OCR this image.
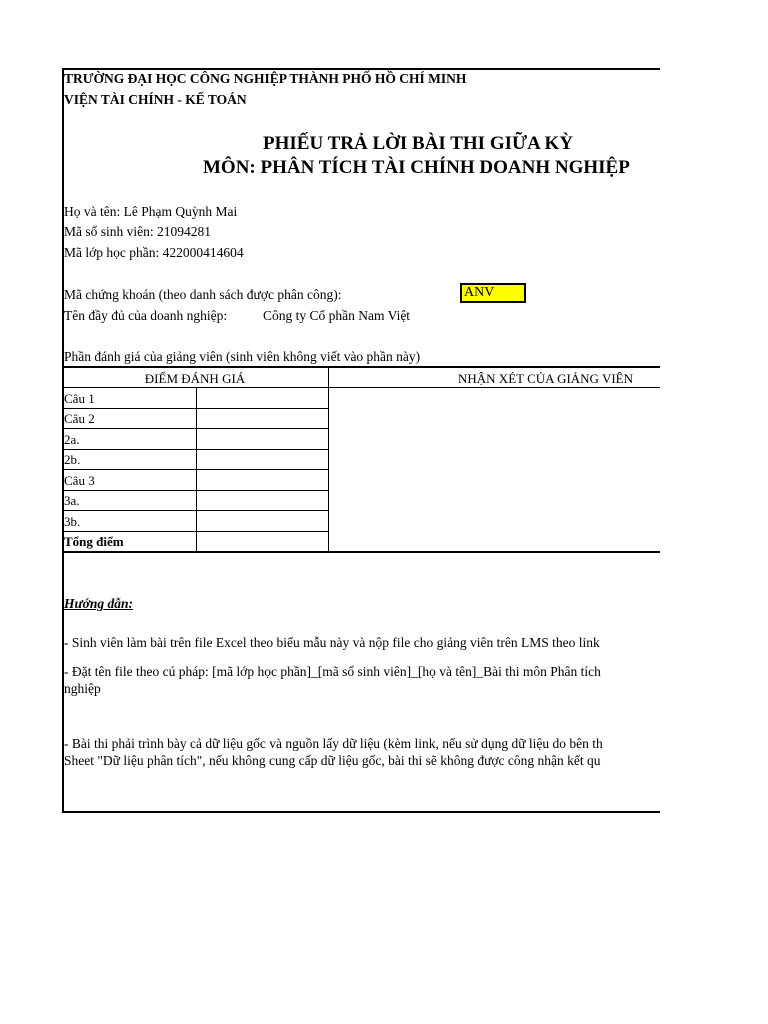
TRƯỜNG ĐẠI HỌC CÔNG NGHIỆP THÀNH PHỐ HỒ CHÍ MINH
VIỆN TÀI CHÍNH - KẾ TOÁN
PHIẾU TRẢ LỜI BÀI THI GIỮA KỲ
MÔN: PHÂN TÍCH TÀI CHÍNH DOANH NGHIỆP
Họ và tên: Lê Phạm Quỳnh Mai
Mã số sinh viên: 21094281
Mã lớp học phần: 422000414604
Mã chứng khoán (theo danh sách được phân công):	ANV
Tên đầy đủ của doanh nghiệp:	Công ty Cổ phần Nam Việt
Phần đánh giá của giảng viên (sinh viên không viết vào phần này)
ĐIỂM ĐÁNH GIÁ	NHẬN XÉT CỦA GIẢNG VIÊN
Câu 1
Câu 2
2a.
2b.
Câu 3
3a.
3b.
Tổng điểm
Hướng dẫn:
- Sinh viên làm bài trên file Excel theo biểu mẫu này và nộp file cho giảng viên trên LMS theo link
- Đặt tên file theo cú pháp: [mã lớp học phần]_[mã số sinh viên]_[họ và tên]_Bài thi môn Phân tích
nghiệp
- Bài thi phải trình bày cả dữ liệu gốc và nguồn lấy dữ liệu (kèm link, nếu sử dụng dữ liệu do bên th
Sheet "Dữ liệu phân tích", nếu không cung cấp dữ liệu gốc, bài thi sẽ không được công nhận kết qu
